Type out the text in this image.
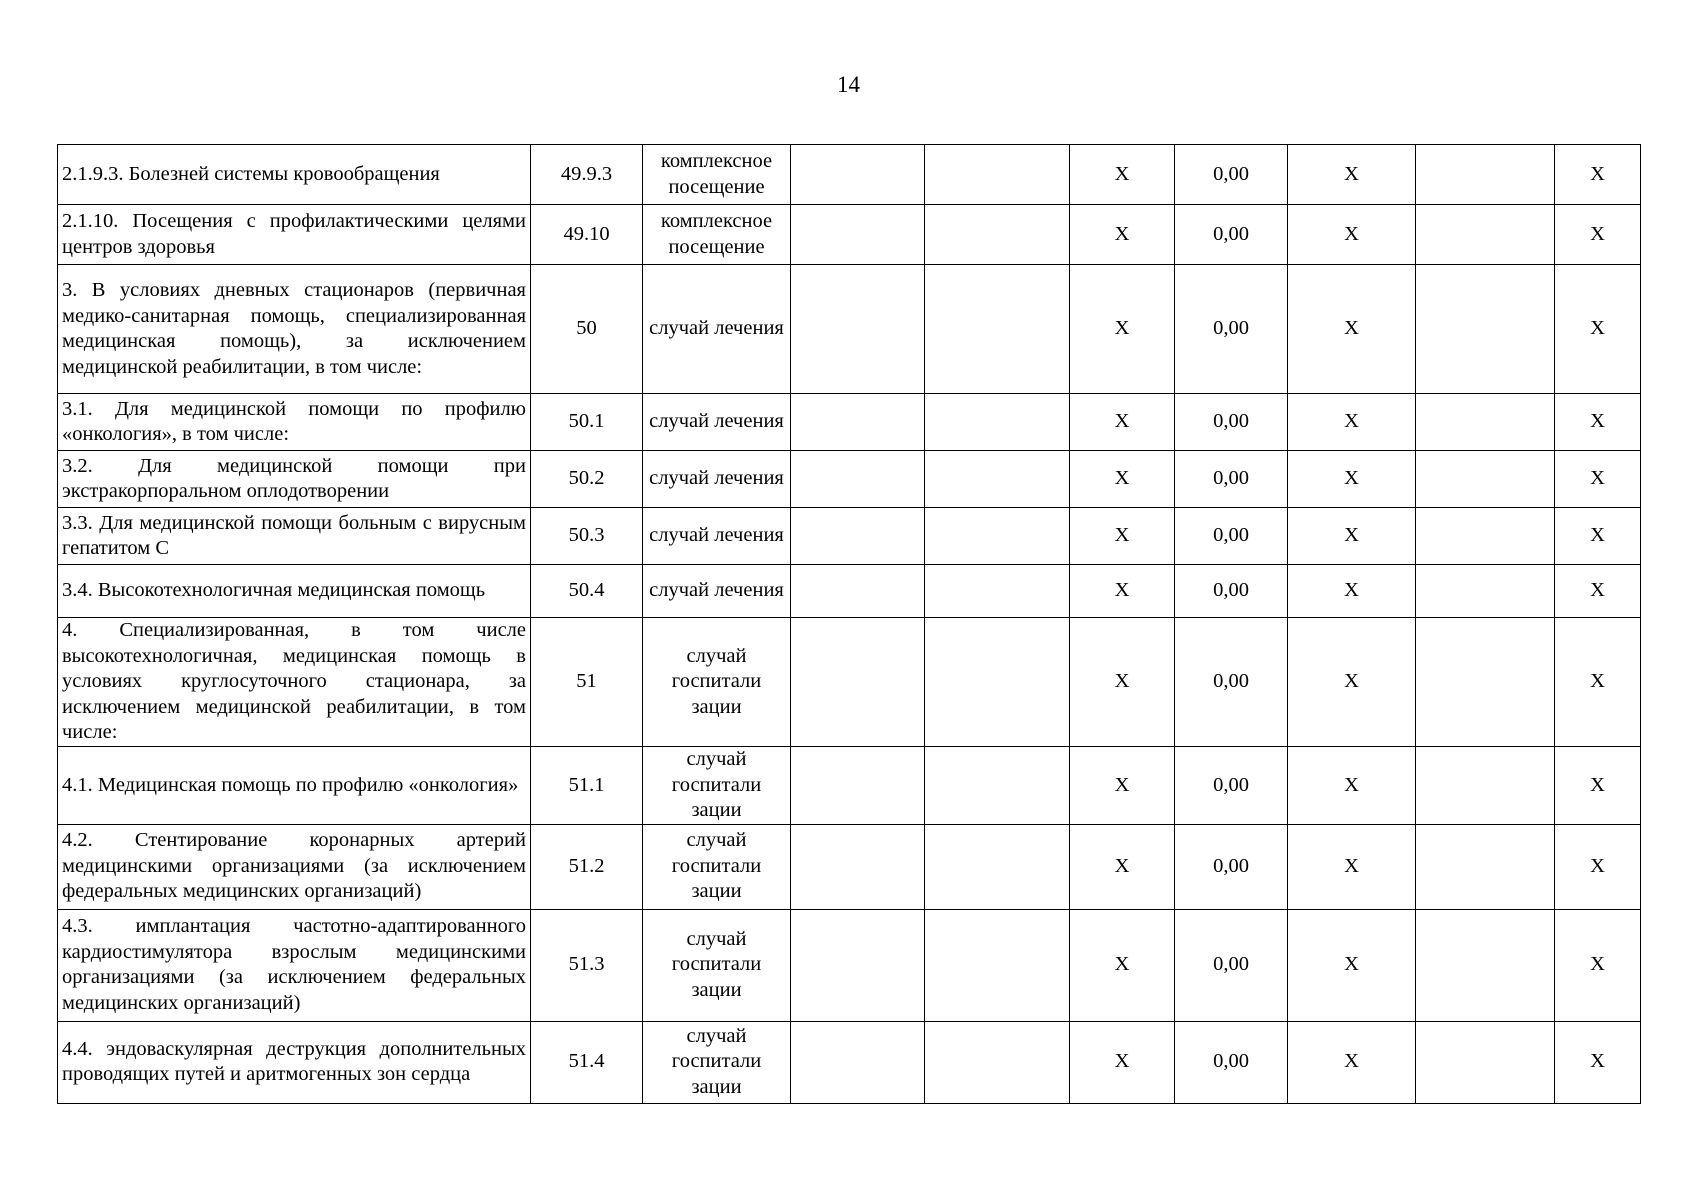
14
2.1.9.3. Болезней системы кровообращения	49.9.3	комплексное посещение			X	0,00	X		X
2.1.10. Посещения с профилактическими целями центров здоровья	49.10	комплексное посещение			X	0,00	X		X
3. В условиях дневных стационаров (первичная медико-санитарная помощь, специализированная медицинская помощь), за исключением медицинской реабилитации, в том числе:	50	случай лечения			X	0,00	X		X
3.1. Для медицинской помощи по профилю «онкология», в том числе:	50.1	случай лечения			X	0,00	X		X
3.2. Для медицинской помощи при экстракорпоральном оплодотворении	50.2	случай лечения			X	0,00	X		X
3.3. Для медицинской помощи больным с вирусным гепатитом С	50.3	случай лечения			X	0,00	X		X
3.4. Высокотехнологичная медицинская помощь	50.4	случай лечения			X	0,00	X		X
4. Специализированная, в том числе высокотехнологичная, медицинская помощь в условиях круглосуточного стационара, за исключением медицинской реабилитации, в том числе:	51	случай госпитали зации			X	0,00	X		X
4.1. Медицинская помощь по профилю «онкология»	51.1	случай госпитали зации			X	0,00	X		X
4.2. Стентирование коронарных артерий медицинскими организациями (за исключением федеральных медицинских организаций)	51.2	случай госпитали зации			X	0,00	X		X
4.3. имплантация частотно-адаптированного кардиостимулятора взрослым медицинскими организациями (за исключением федеральных медицинских организаций)	51.3	случай госпитали зации			X	0,00	X		X
4.4. эндоваскулярная деструкция дополнительных проводящих путей и аритмогенных зон сердца	51.4	случай госпитали зации			X	0,00	X		X
